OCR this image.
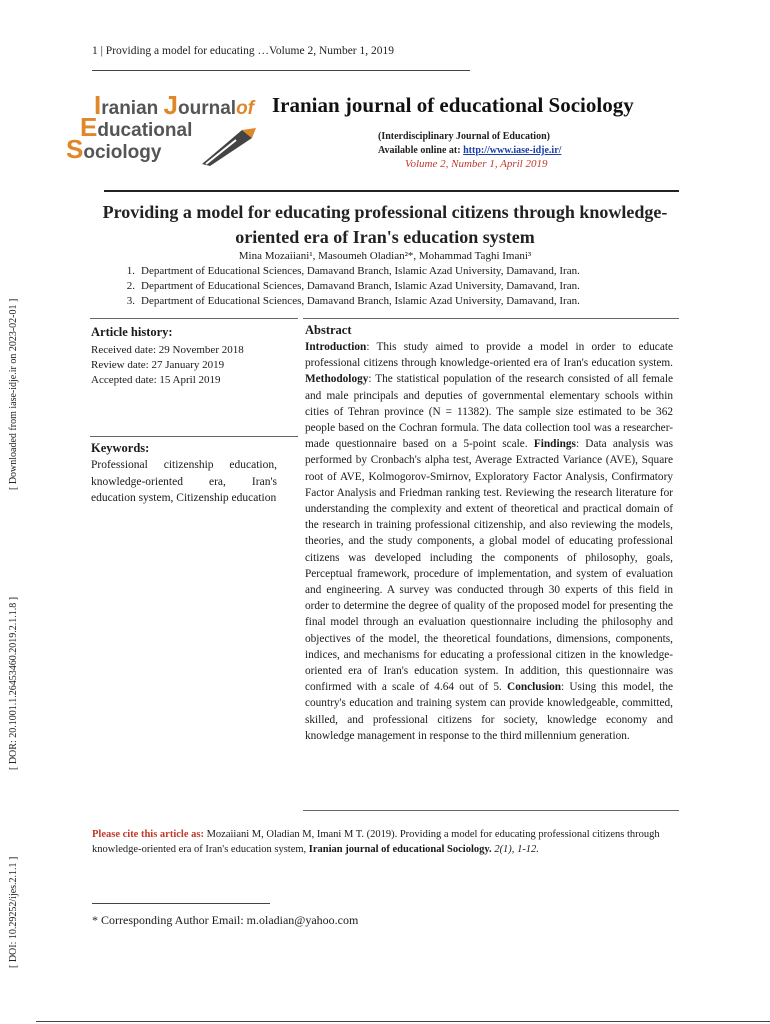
1 | Providing a model for educating …Volume 2, Number 1, 2019
Iranian Journalof
Educational
Sociology
Iranian journal of educational Sociology
(Interdisciplinary Journal of Education)
Available online at: http://www.iase-idje.ir/
Volume 2, Number 1, April 2019
Providing a model for educating professional citizens through knowledge-oriented era of Iran's education system
Mina Mozaiiani¹, Masoumeh Oladian²*, Mohammad Taghi Imani³
1. Department of Educational Sciences, Damavand Branch, Islamic Azad University, Damavand, Iran.
2. Department of Educational Sciences, Damavand Branch, Islamic Azad University, Damavand, Iran.
3. Department of Educational Sciences, Damavand Branch, Islamic Azad University, Damavand, Iran.
Article history:
Received date: 29 November 2018
Review date: 27 January 2019
Accepted date: 15 April 2019
Keywords:
Professional citizenship education, knowledge-oriented era, Iran's education system, Citizenship education
Abstract
Introduction: This study aimed to provide a model in order to educate professional citizens through knowledge-oriented era of Iran's education system. Methodology: The statistical population of the research consisted of all female and male principals and deputies of governmental elementary schools within cities of Tehran province (N = 11382). The sample size estimated to be 362 people based on the Cochran formula. The data collection tool was a researcher-made questionnaire based on a 5-point scale. Findings: Data analysis was performed by Cronbach's alpha test, Average Extracted Variance (AVE), Square root of AVE, Kolmogorov-Smirnov, Exploratory Factor Analysis, Confirmatory Factor Analysis and Friedman ranking test. Reviewing the research literature for understanding the complexity and extent of theoretical and practical domain of the research in training professional citizenship, and also reviewing the models, theories, and the study components, a global model of educating professional citizens was developed including the components of philosophy, goals, Perceptual framework, procedure of implementation, and system of evaluation and engineering. A survey was conducted through 30 experts of this field in order to determine the degree of quality of the proposed model for presenting the final model through an evaluation questionnaire including the philosophy and objectives of the model, the theoretical foundations, dimensions, components, indices, and mechanisms for educating a professional citizen in the knowledge-oriented era of Iran's education system. In addition, this questionnaire was confirmed with a scale of 4.64 out of 5. Conclusion: Using this model, the country's education and training system can provide knowledgeable, committed, skilled, and professional citizens for society, knowledge economy and knowledge management in response to the third millennium generation.
Please cite this article as: Mozaiiani M, Oladian M, Imani M T. (2019). Providing a model for educating professional citizens through knowledge-oriented era of Iran's education system, Iranian journal of educational Sociology. 2(1), 1-12.
* Corresponding Author Email: m.oladian@yahoo.com
[ Downloaded from iase-idje.ir on 2023-02-01 ]
[ DOR: 20.1001.1.26453460.2019.2.1.1.8 ]
[ DOI: 10.29252/ijes.2.1.1 ]
